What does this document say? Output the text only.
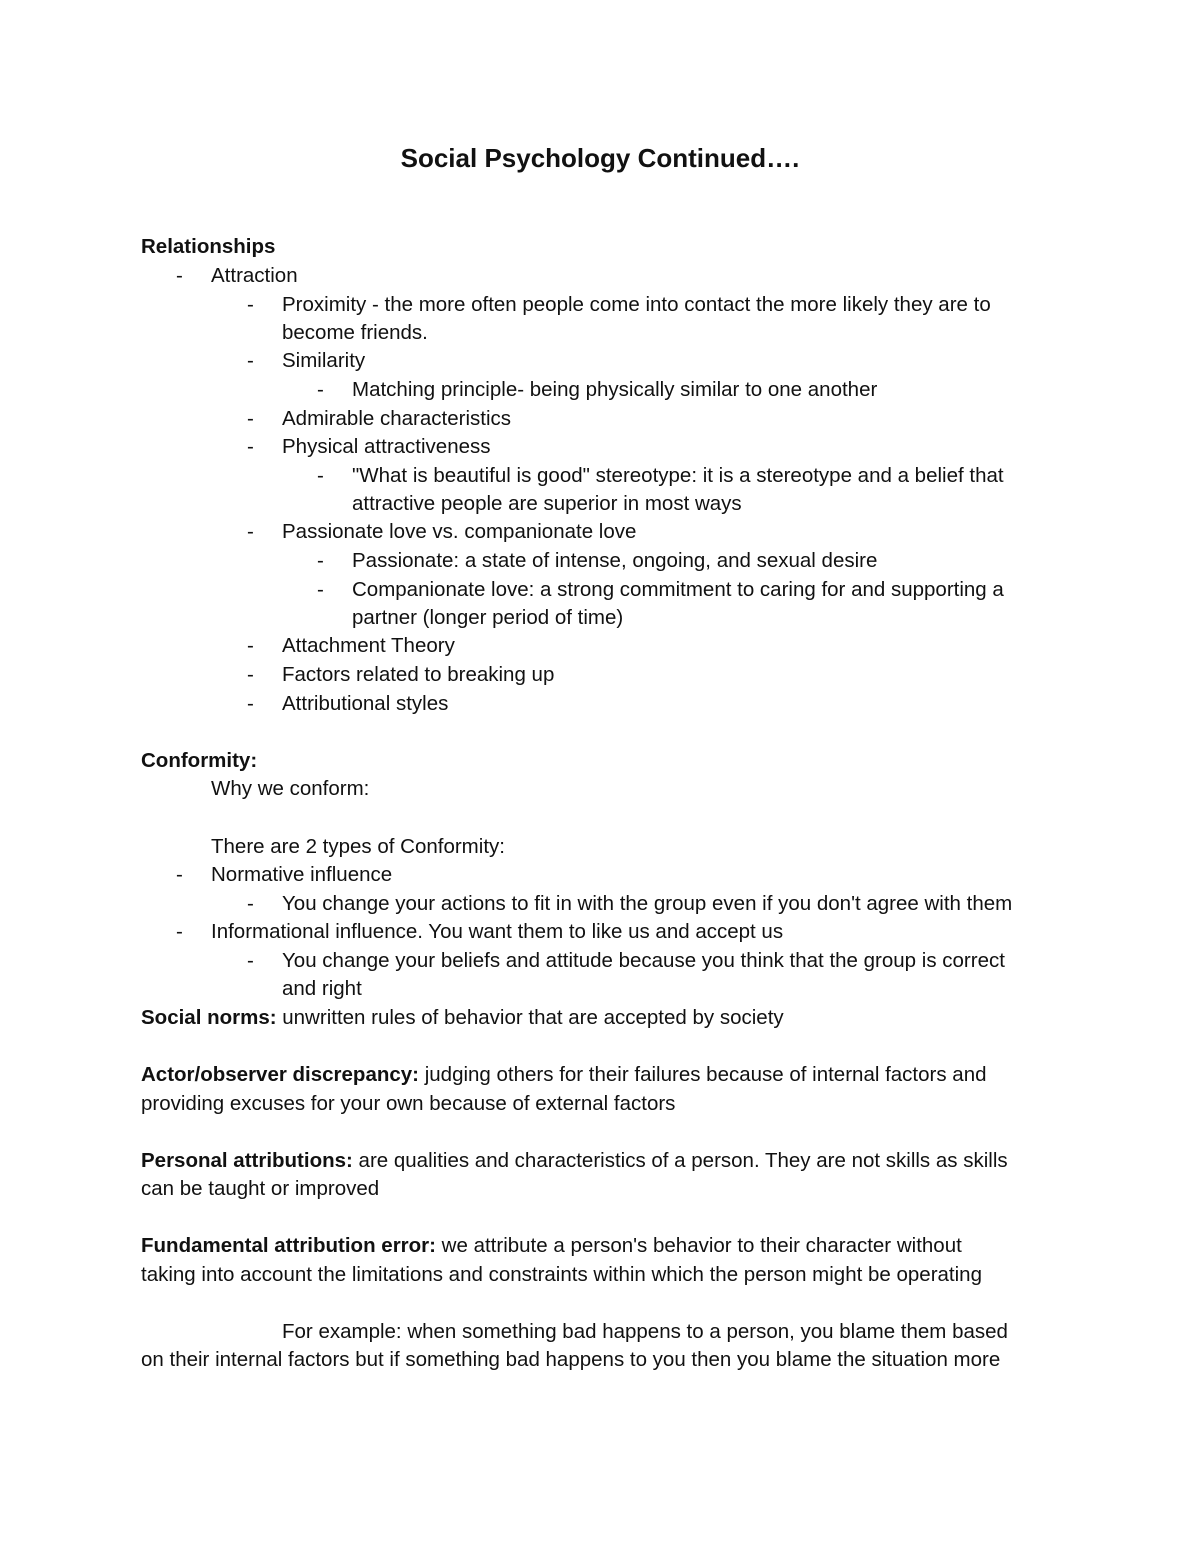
Social Psychology Continued….
Relationships
- Attraction
- Proximity - the more often people come into contact the more likely they are to
become friends.
- Similarity
- Matching principle- being physically similar to one another
- Admirable characteristics
- Physical attractiveness
- "What is beautiful is good" stereotype: it is a stereotype and a belief that
attractive people are superior in most ways
- Passionate love vs. companionate love
- Passionate: a state of intense, ongoing, and sexual desire
- Companionate love: a strong commitment to caring for and supporting a
partner (longer period of time)
- Attachment Theory
- Factors related to breaking up
- Attributional styles
Conformity:
Why we conform:
There are 2 types of Conformity:
- Normative influence
- You change your actions to fit in with the group even if you don't agree with them
- Informational influence. You want them to like us and accept us
- You change your beliefs and attitude because you think that the group is correct
and right
Social norms: unwritten rules of behavior that are accepted by society
Actor/observer discrepancy: judging others for their failures because of internal factors and
providing excuses for your own because of external factors
Personal attributions: are qualities and characteristics of a person. They are not skills as skills
can be taught or improved
Fundamental attribution error: we attribute a person's behavior to their character without
taking into account the limitations and constraints within which the person might be operating
For example: when something bad happens to a person, you blame them based
on their internal factors but if something bad happens to you then you blame the situation more
